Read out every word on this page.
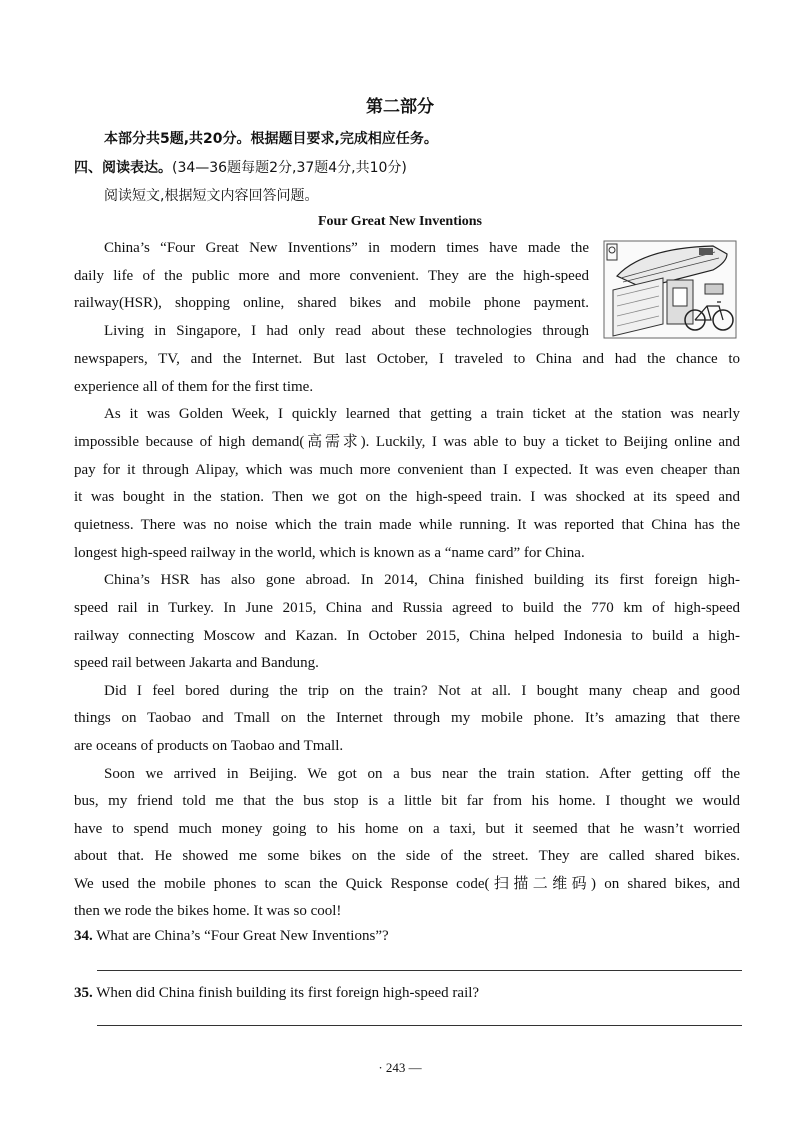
第二部分
本部分共5题,共20分。根据题目要求,完成相应任务。
四、阅读表达。(34—36题每题2分,37题4分,共10分)
阅读短文,根据短文内容回答问题。
Four Great New Inventions
China’s “Four Great New Inventions” in modern times have made the
daily life of the public more and more convenient. They are the high-speed
railway(HSR), shopping online, shared bikes and mobile phone payment.
Living in Singapore, I had only read about these technologies through
newspapers, TV, and the Internet. But last October, I traveled to China and had the chance to
experience all of them for the first time.
As it was Golden Week, I quickly learned that getting a train ticket at the station was nearly
impossible because of high demand(高需求). Luckily, I was able to buy a ticket to Beijing online and
pay for it through Alipay, which was much more convenient than I expected. It was even cheaper than
it was bought in the station. Then we got on the high-speed train. I was shocked at its speed and
quietness. There was no noise which the train made while running. It was reported that China has the
longest high-speed railway in the world, which is known as a “name card” for China.
China’s HSR has also gone abroad. In 2014, China finished building its first foreign high-
speed rail in Turkey. In June 2015, China and Russia agreed to build the 770 km of high-speed
railway connecting Moscow and Kazan. In October 2015, China helped Indonesia to build a high-
speed rail between Jakarta and Bandung.
Did I feel bored during the trip on the train? Not at all. I bought many cheap and good
things on Taobao and Tmall on the Internet through my mobile phone. It’s amazing that there
are oceans of products on Taobao and Tmall.
Soon we arrived in Beijing. We got on a bus near the train station. After getting off the
bus, my friend told me that the bus stop is a little bit far from his home. I thought we would
have to spend much money going to his home on a taxi, but it seemed that he wasn’t worried
about that. He showed me some bikes on the side of the street. They are called shared bikes.
We used the mobile phones to scan the Quick Response code(扫描二维码) on shared bikes, and
then we rode the bikes home. It was so cool!
34. What are China’s “Four Great New Inventions”?
35. When did China finish building its first foreign high-speed rail?
· 243 —
